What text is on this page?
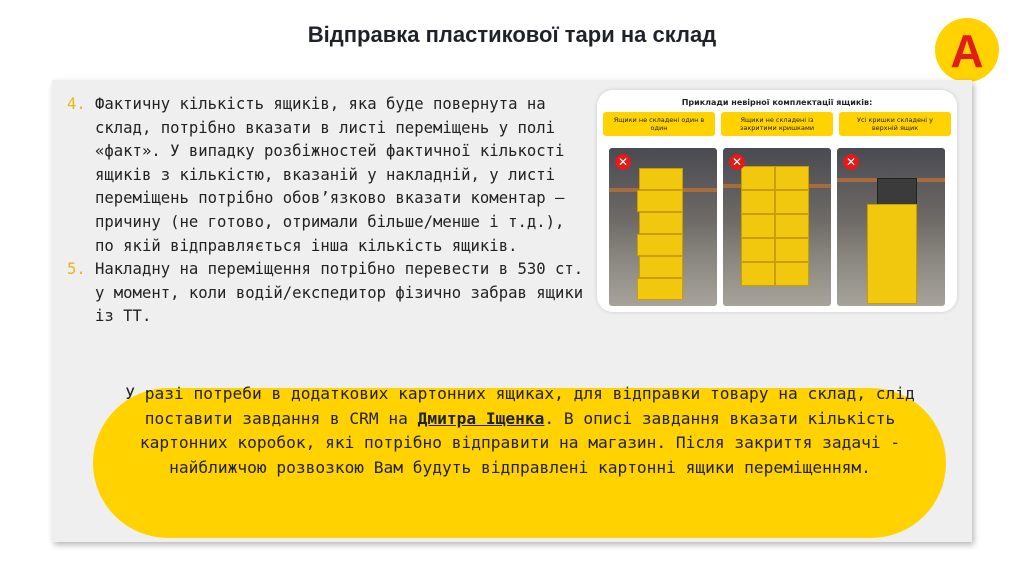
Відправка пластикової тари на склад	A
4. Фактичну кількість ящиків, яка буде повернута на склад, потрібно вказати в листі переміщень у полі «факт». У випадку розбіжностей фактичної кількості ящиків з кількістю, вказаній у накладній, у листі переміщень потрібно обов’язково вказати коментар – причину (не готово, отримали більше/менше і т.д.), по якій відправляється інша кількість ящиків.
5. Накладну на переміщення потрібно перевести в 530 ст. у момент, коли водій/експедитор фізично забрав ящики із ТТ.
Приклади невірної комплектації ящиків:
Ящики не складені один в один
Ящики не складені із закритими кришками
Усі кришки складені у верхній ящик
✕	✕	✕
У разі потреби в додаткових картонних ящиках, для відправки товару на склад, слід поставити завдання в CRM на Дмитра Іщенка. В описі завдання вказати кількість картонних коробок, які потрібно відправити на магазин. Після закриття задачі - найближчою розвозкою Вам будуть відправлені картонні ящики переміщенням.
